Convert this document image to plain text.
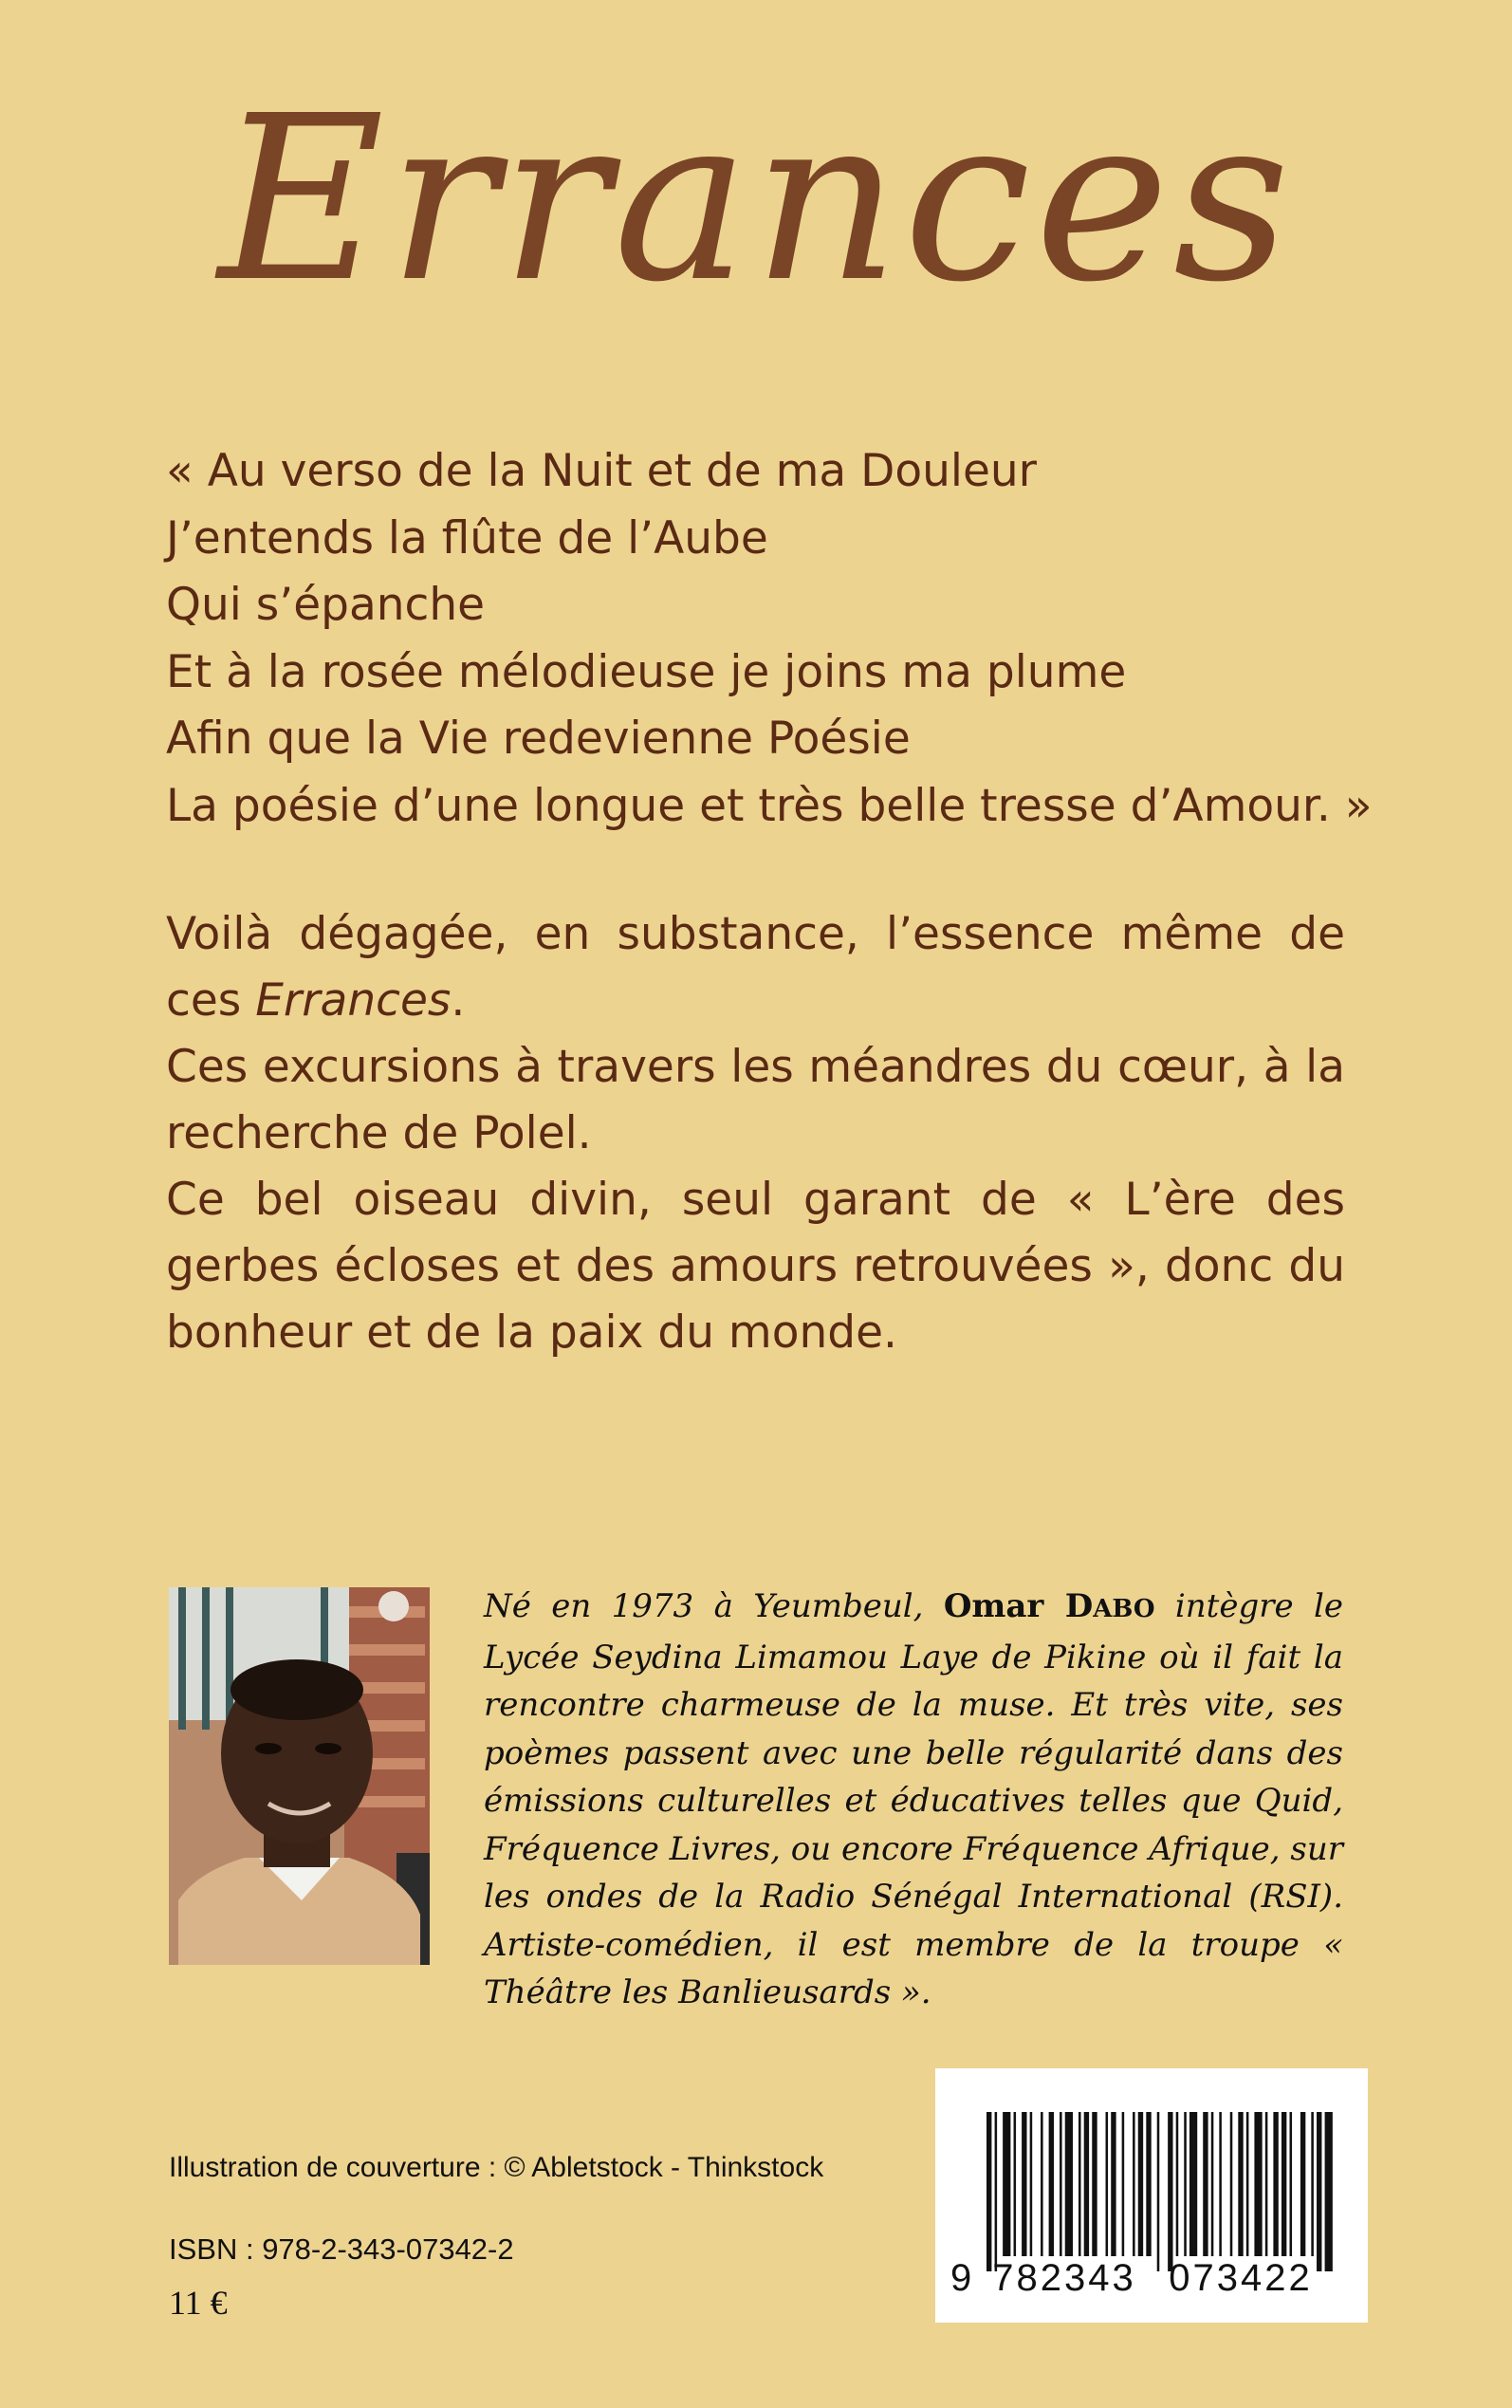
Errances
« Au verso de la Nuit et de ma Douleur
J’entends la flûte de l’Aube
Qui s’épanche
Et à la rosée mélodieuse je joins ma plume
Afin que la Vie redevienne Poésie
La poésie d’une longue et très belle tresse d’Amour. »

Voilà dégagée, en substance, l’essence même de ces Errances.

Ces excursions à travers les méandres du cœur, à la recherche de Polel.

Ce bel oiseau divin, seul garant de « L’ère des gerbes écloses et des amours retrouvées », donc du bonheur et de la paix du monde.

Né en 1973 à Yeumbeul, Omar DABO intègre le Lycée Seydina Limamou Laye de Pikine où il fait la rencontre charmeuse de la muse. Et très vite, ses poèmes passent avec une belle régularité dans des émissions culturelles et éducatives telles que Quid, Fréquence Livres, ou encore Fréquence Afrique, sur les ondes de la Radio Sénégal International (RSI). Artiste-comédien, il est membre de la troupe « Théâtre les Banlieusards ».
Illustration de couverture : © Abletstock - Thinkstock
ISBN : 978-2-343-07342-2
11 €
9 782343 073422
